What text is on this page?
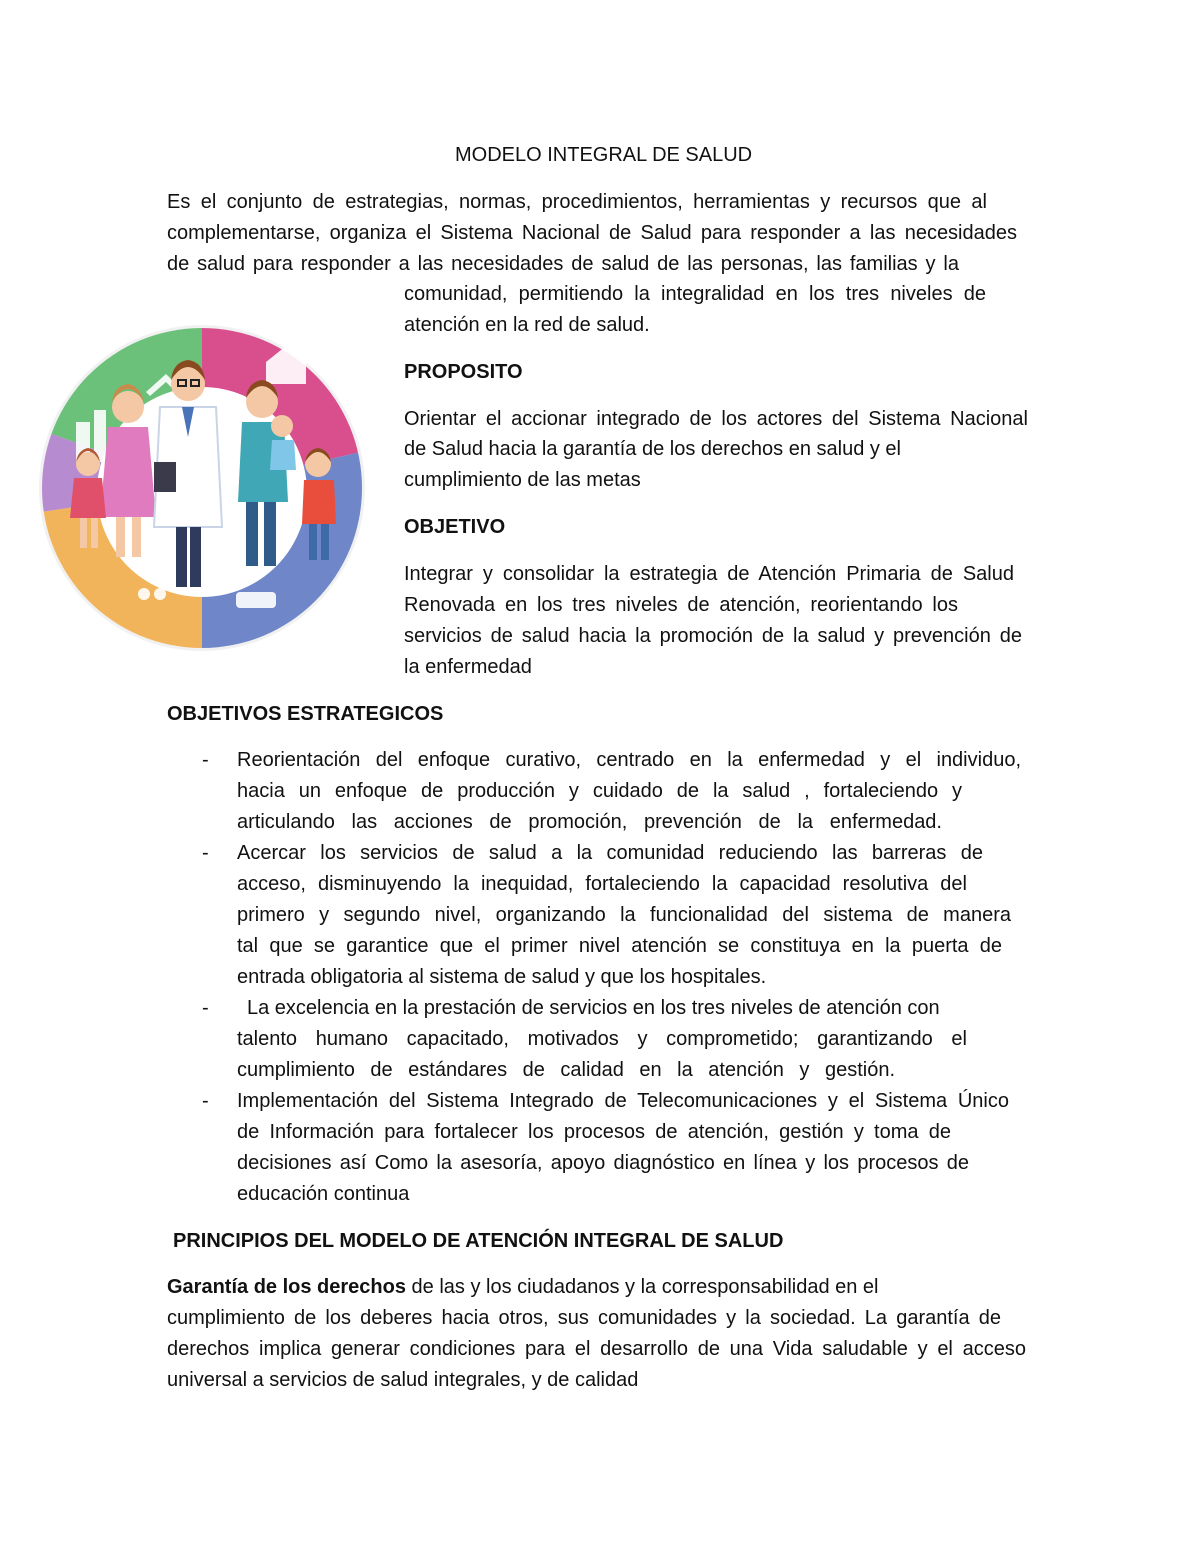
MODELO INTEGRAL DE SALUD
Es el conjunto de estrategias, normas, procedimientos, herramientas y recursos que al
complementarse, organiza el Sistema Nacional de Salud para responder a las necesidades
de salud para responder a las necesidades de salud de las personas, las familias y la
comunidad, permitiendo la integralidad en los tres niveles de
atención en la red de salud.
PROPOSITO
Orientar el accionar integrado de los actores del Sistema Nacional
de Salud hacia la garantía de los derechos en salud y el
cumplimiento de las metas
OBJETIVO
Integrar y consolidar la estrategia de Atención Primaria de Salud
Renovada en los tres niveles de atención, reorientando los
servicios de salud hacia la promoción de la salud y prevención de
la enfermedad
OBJETIVOS ESTRATEGICOS
- Reorientación del enfoque curativo, centrado en la enfermedad y el individuo,
hacia un enfoque de producción y cuidado de la salud , fortaleciendo y
articulando las acciones de promoción, prevención de la enfermedad.
- Acercar los servicios de salud a la comunidad reduciendo las barreras de
acceso, disminuyendo la inequidad, fortaleciendo la capacidad resolutiva del
primero y segundo nivel, organizando la funcionalidad del sistema de manera
tal que se garantice que el primer nivel atención se constituya en la puerta de
entrada obligatoria al sistema de salud y que los hospitales.
- La excelencia en la prestación de servicios en los tres niveles de atención con
talento humano capacitado, motivados y comprometido; garantizando el
cumplimiento de estándares de calidad en la atención y gestión.
- Implementación del Sistema Integrado de Telecomunicaciones y el Sistema Único
de Información para fortalecer los procesos de atención, gestión y toma de
decisiones así Como la asesoría, apoyo diagnóstico en línea y los procesos de
educación continua
PRINCIPIOS DEL MODELO DE ATENCIÓN INTEGRAL DE SALUD
Garantía de los derechos de las y los ciudadanos y la corresponsabilidad en el
cumplimiento de los deberes hacia otros, sus comunidades y la sociedad. La garantía de
derechos implica generar condiciones para el desarrollo de una Vida saludable y el acceso
universal a servicios de salud integrales, y de calidad
